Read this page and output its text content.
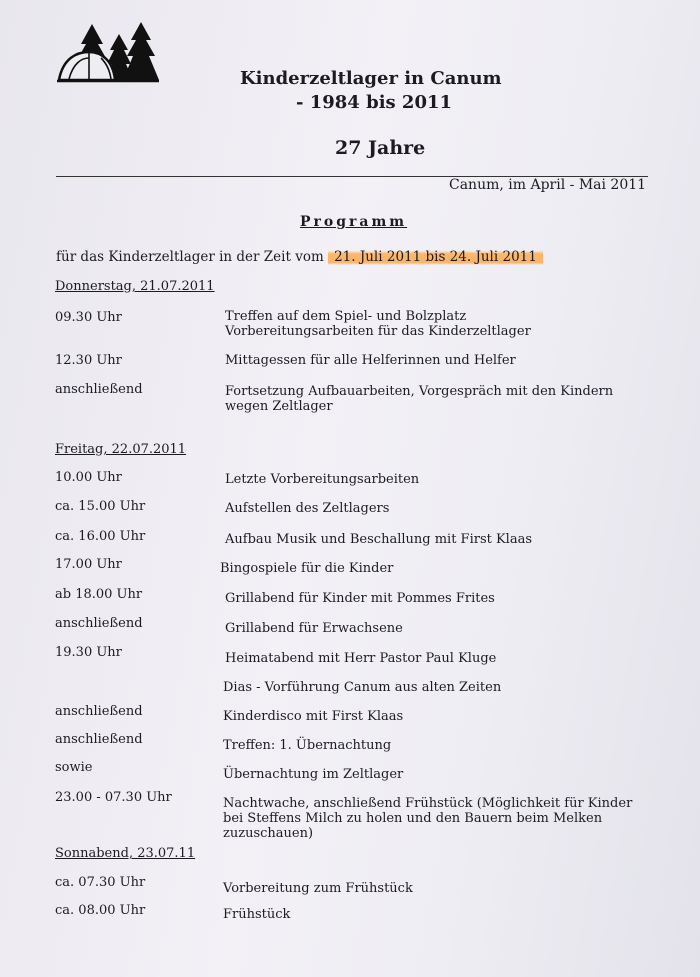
Kinderzeltlager in Canum
- 1984 bis 2011
27 Jahre
Canum, im April - Mai 2011
Programm
für das Kinderzeltlager in der Zeit vom 21. Juli 2011 bis 24. Juli 2011
Donnerstag, 21.07.2011
09.30 Uhr	Treffen auf dem Spiel- und Bolzplatz
Vorbereitungsarbeiten für das Kinderzeltlager
12.30 Uhr	Mittagessen für alle Helferinnen und Helfer
anschließend	Fortsetzung Aufbauarbeiten, Vorgespräch mit den Kindern
wegen Zeltlager
Freitag, 22.07.2011
10.00 Uhr	Letzte Vorbereitungsarbeiten
ca. 15.00 Uhr	Aufstellen des Zeltlagers
ca. 16.00 Uhr	Aufbau Musik und Beschallung mit First Klaas
17.00 Uhr	Bingospiele für die Kinder
ab 18.00 Uhr	Grillabend für Kinder mit Pommes Frites
anschließend	Grillabend für Erwachsene
19.30 Uhr	Heimatabend mit Herr Pastor Paul Kluge
Dias - Vorführung Canum aus alten Zeiten
anschließend	Kinderdisco mit First Klaas
anschließend	Treffen: 1. Übernachtung
sowie	Übernachtung im Zeltlager
23.00 - 07.30 Uhr	Nachtwache, anschließend Frühstück (Möglichkeit für Kinder
bei Steffens Milch zu holen und den Bauern beim Melken
zuzuschauen)
Sonnabend, 23.07.11
ca. 07.30 Uhr	Vorbereitung zum Frühstück
ca. 08.00 Uhr	Frühstück
